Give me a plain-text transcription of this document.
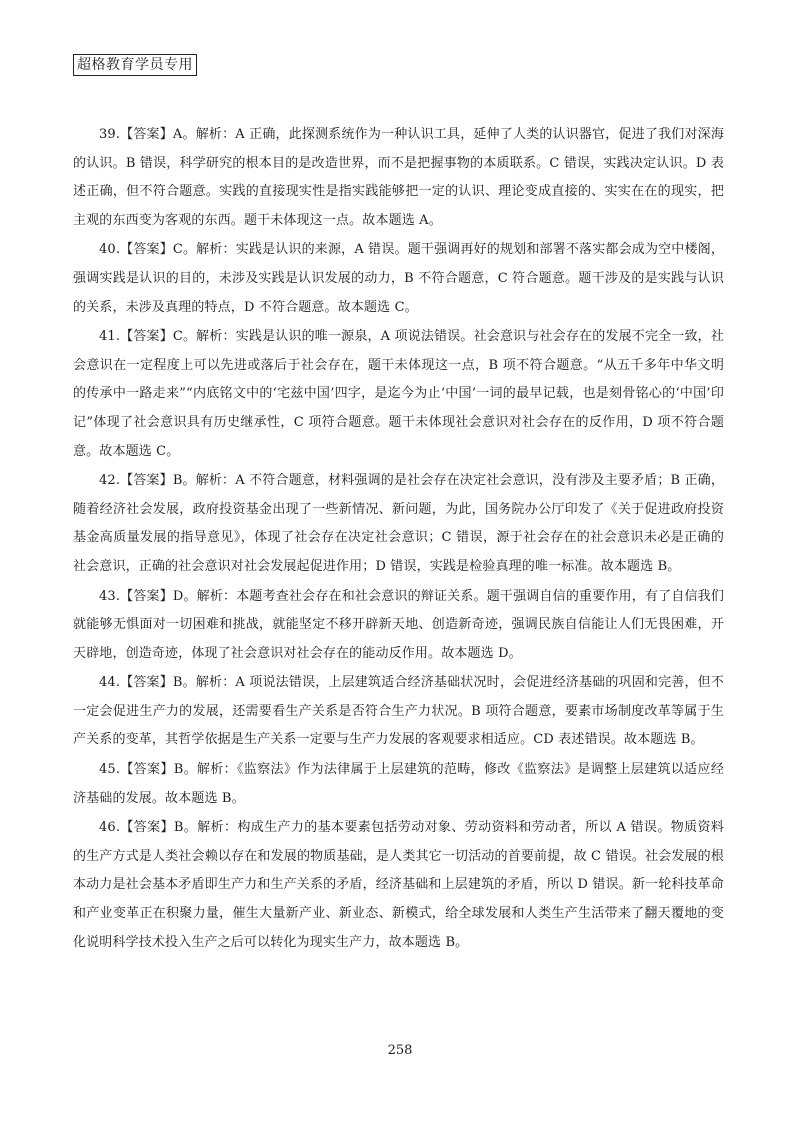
超格教育学员专用

39.【答案】A。解析：A 正确，此探测系统作为一种认识工具，延伸了人类的认识器官，促进了我们对深海的认识。B 错误，科学研究的根本目的是改造世界，而不是把握事物的本质联系。C 错误，实践决定认识。D 表述正确，但不符合题意。实践的直接现实性是指实践能够把一定的认识、理论变成直接的、实实在在的现实，把主观的东西变为客观的东西。题干未体现这一点。故本题选 A。

40.【答案】C。解析：实践是认识的来源，A 错误。题干强调再好的规划和部署不落实都会成为空中楼阁，强调实践是认识的目的，未涉及实践是认识发展的动力，B 不符合题意，C 符合题意。题干涉及的是实践与认识的关系，未涉及真理的特点，D 不符合题意。故本题选 C。

41.【答案】C。解析：实践是认识的唯一源泉，A 项说法错误。社会意识与社会存在的发展不完全一致，社会意识在一定程度上可以先进或落后于社会存在，题干未体现这一点，B 项不符合题意。“从五千多年中华文明的传承中一路走来”“内底铭文中的‘宅兹中国’四字，是迄今为止‘中国’一词的最早记载，也是刻骨铭心的‘中国’印记”体现了社会意识具有历史继承性，C 项符合题意。题干未体现社会意识对社会存在的反作用，D 项不符合题意。故本题选 C。

42.【答案】B。解析：A 不符合题意，材料强调的是社会存在决定社会意识，没有涉及主要矛盾；B 正确，随着经济社会发展，政府投资基金出现了一些新情况、新问题，为此，国务院办公厅印发了《关于促进政府投资基金高质量发展的指导意见》，体现了社会存在决定社会意识；C 错误，源于社会存在的社会意识未必是正确的社会意识，正确的社会意识对社会发展起促进作用；D 错误，实践是检验真理的唯一标准。故本题选 B。

43.【答案】D。解析：本题考查社会存在和社会意识的辩证关系。题干强调自信的重要作用，有了自信我们就能够无惧面对一切困难和挑战，就能坚定不移开辟新天地、创造新奇迹，强调民族自信能让人们无畏困难，开天辟地，创造奇迹，体现了社会意识对社会存在的能动反作用。故本题选 D。

44.【答案】B。解析：A 项说法错误，上层建筑适合经济基础状况时，会促进经济基础的巩固和完善，但不一定会促进生产力的发展，还需要看生产关系是否符合生产力状况。B 项符合题意，要素市场制度改革等属于生产关系的变革，其哲学依据是生产关系一定要与生产力发展的客观要求相适应。CD 表述错误。故本题选 B。

45.【答案】B。解析：《监察法》作为法律属于上层建筑的范畴，修改《监察法》是调整上层建筑以适应经济基础的发展。故本题选 B。

46.【答案】B。解析：构成生产力的基本要素包括劳动对象、劳动资料和劳动者，所以 A 错误。物质资料的生产方式是人类社会赖以存在和发展的物质基础，是人类其它一切活动的首要前提，故 C 错误。社会发展的根本动力是社会基本矛盾即生产力和生产关系的矛盾，经济基础和上层建筑的矛盾，所以 D 错误。新一轮科技革命和产业变革正在积聚力量，催生大量新产业、新业态、新模式，给全球发展和人类生产生活带来了翻天覆地的变化说明科学技术投入生产之后可以转化为现实生产力，故本题选 B。

258
